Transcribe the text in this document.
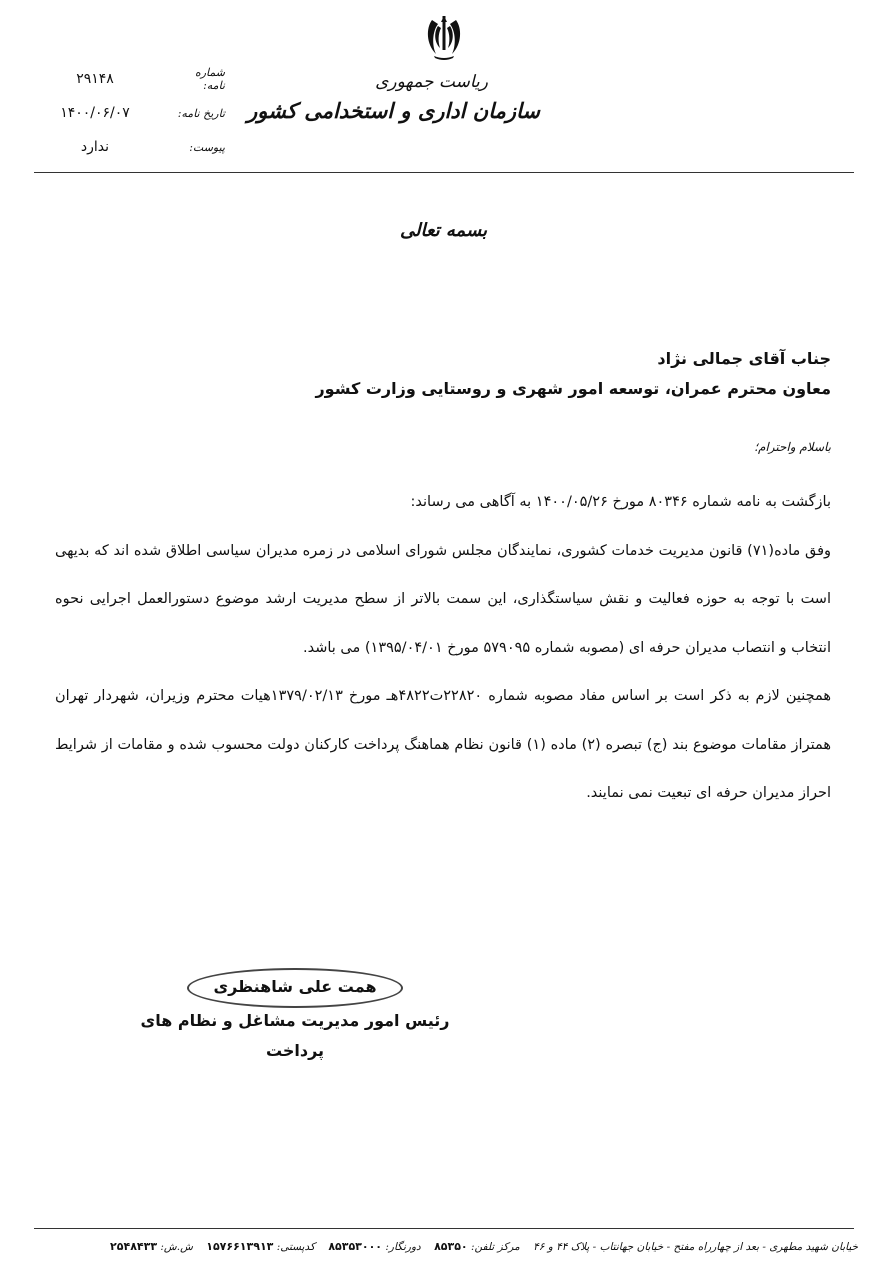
ریاست جمهوری
سازمان اداری و استخدامی کشور
شماره نامه:
۲۹۱۴۸
تاریخ نامه:
۱۴۰۰/۰۶/۰۷
پیوست:
ندارد
بسمه تعالی
جناب آقای جمالی نژاد
معاون محترم عمران، توسعه امور شهری و روستایی وزارت کشور
باسلام واحترام؛

بازگشت به نامه شماره ۸۰۳۴۶ مورخ ۱۴۰۰/۰۵/۲۶ به آگاهی می رساند:

وفق ماده(۷۱) قانون مدیریت خدمات کشوری، نمایندگان مجلس شورای اسلامی در زمره مدیران سیاسی اطلاق شده اند که بدیهی است با توجه به حوزه فعالیت و نقش سیاستگذاری، این سمت بالاتر از سطح مدیریت ارشد موضوع دستورالعمل اجرایی نحوه انتخاب و انتصاب مدیران حرفه ای (مصوبه شماره ۵۷۹۰۹۵ مورخ ۱۳۹۵/۰۴/۰۱) می باشد.

همچنین لازم به ذکر است بر اساس مفاد مصوبه شماره ۲۲۸۲۰ت۴۸۲۲هـ مورخ ۱۳۷۹/۰۲/۱۳هیات محترم وزیران، شهردار تهران همتراز مقامات موضوع بند (ج) تبصره (۲) ماده (۱) قانون نظام هماهنگ پرداخت کارکنان دولت محسوب شده و مقامات از شرایط احراز مدیران حرفه ای تبعیت نمی نمایند.

همت علی شاهنظری
رئیس امور مدیریت مشاغل و نظام های پرداخت
خیابان شهید مطهری - بعد از چهارراه مفتح - خیابان جهانتاب - پلاک ۴۴ و ۴۶
مرکز تلفن: ۸۵۳۵۰
دورنگار: ۸۵۳۵۳۰۰۰
کدپستی: ۱۵۷۶۶۱۳۹۱۳
ش.ش: ۲۵۴۸۴۳۳
